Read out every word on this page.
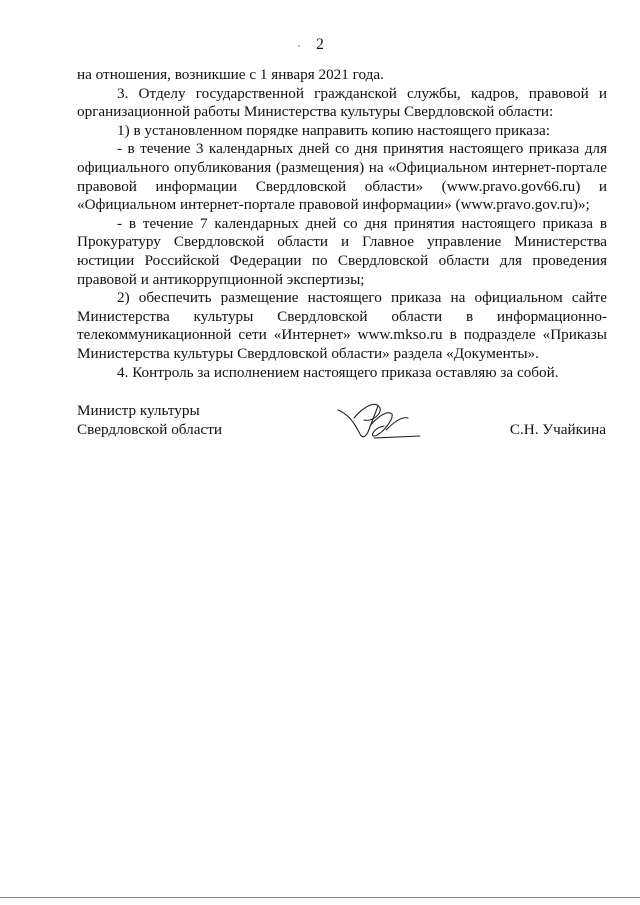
2

на отношения, возникшие с 1 января 2021 года.

3. Отделу государственной гражданской службы, кадров, правовой и организационной работы Министерства культуры Свердловской области:

1) в установленном порядке направить копию настоящего приказа:

- в течение 3 календарных дней со дня принятия настоящего приказа для официального опубликования (размещения) на «Официальном интернет-портале правовой информации Свердловской области» (www.pravo.gov66.ru) и «Официальном интернет-портале правовой информации» (www.pravo.gov.ru)»;

- в течение 7 календарных дней со дня принятия настоящего приказа в Прокуратуру Свердловской области и Главное управление Министерства юстиции Российской Федерации по Свердловской области для проведения правовой и антикоррупционной экспертизы;

2) обеспечить размещение настоящего приказа на официальном сайте Министерства культуры Свердловской области в информационно-телекоммуникационной сети «Интернет» www.mkso.ru в подразделе «Приказы Министерства культуры Свердловской области» раздела «Документы».

4. Контроль за исполнением настоящего приказа оставляю за собой.

Министр культуры
Свердловской области	С.Н. Учайкина
